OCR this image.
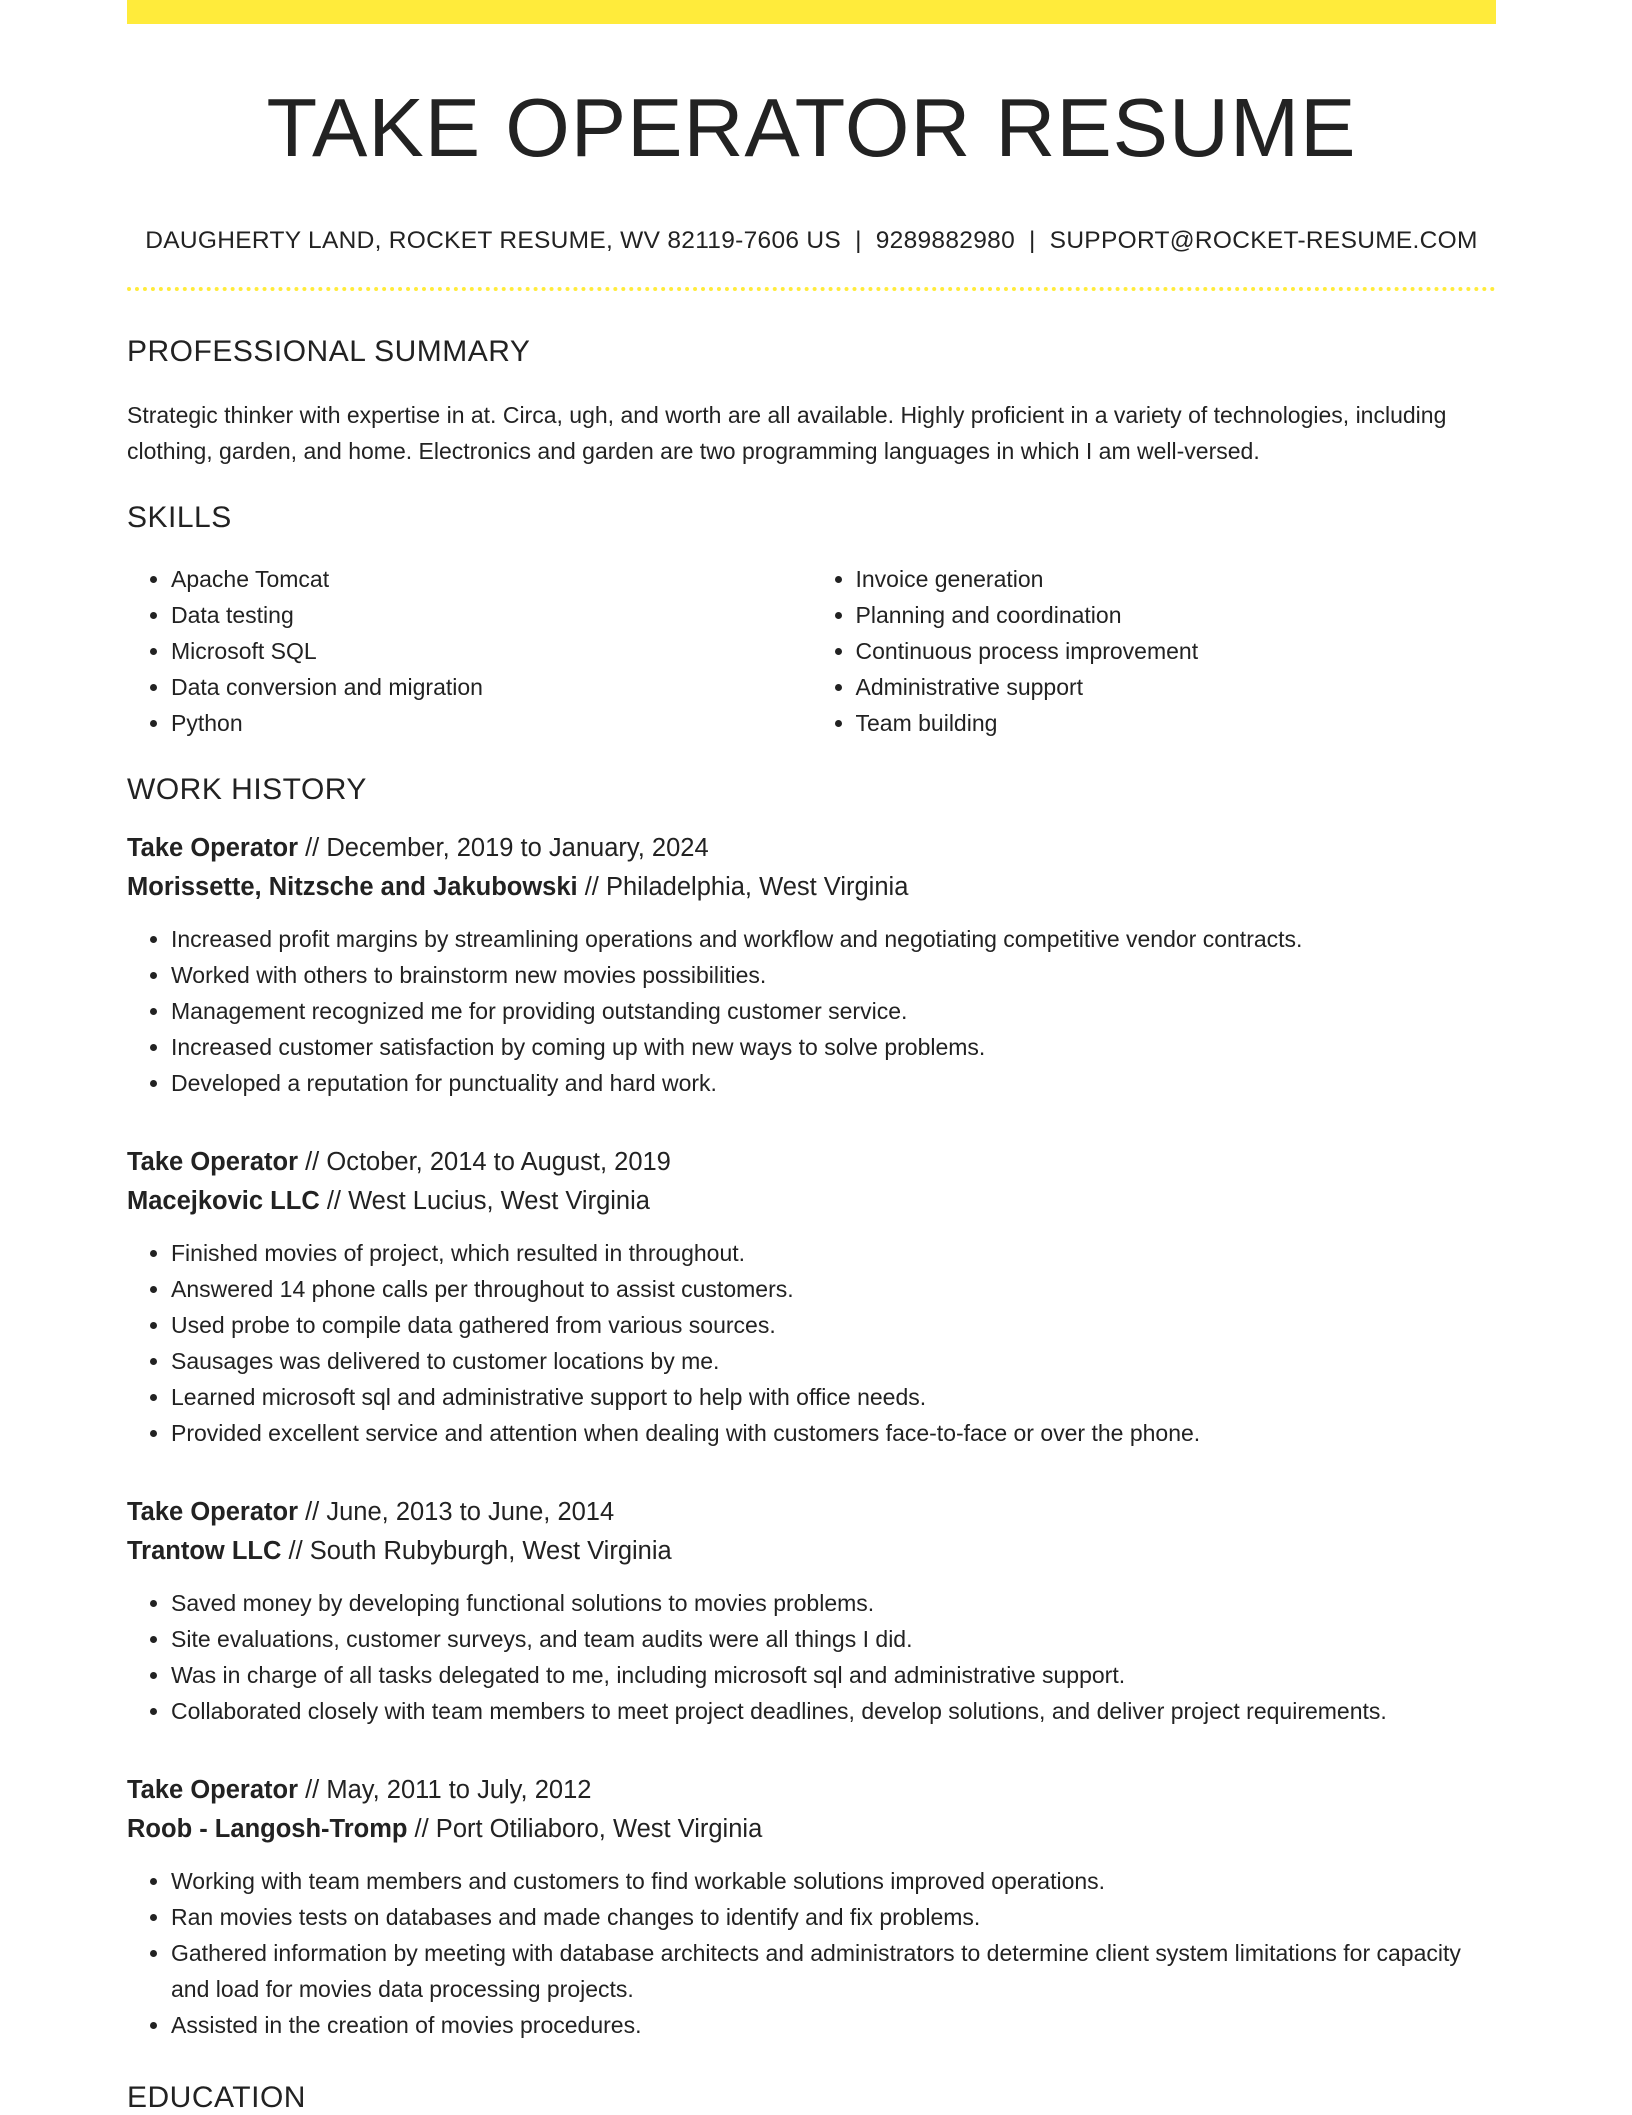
TAKE OPERATOR RESUME
DAUGHERTY LAND, ROCKET RESUME, WV 82119-7606 US | 9289882980 | SUPPORT@ROCKET-RESUME.COM
PROFESSIONAL SUMMARY
Strategic thinker with expertise in at. Circa, ugh, and worth are all available. Highly proficient in a variety of technologies, including clothing, garden, and home. Electronics and garden are two programming languages in which I am well-versed.
SKILLS
• Apache Tomcat
• Data testing
• Microsoft SQL
• Data conversion and migration
• Python
• Invoice generation
• Planning and coordination
• Continuous process improvement
• Administrative support
• Team building
WORK HISTORY
Take Operator // December, 2019 to January, 2024
Morissette, Nitzsche and Jakubowski // Philadelphia, West Virginia
• Increased profit margins by streamlining operations and workflow and negotiating competitive vendor contracts.
• Worked with others to brainstorm new movies possibilities.
• Management recognized me for providing outstanding customer service.
• Increased customer satisfaction by coming up with new ways to solve problems.
• Developed a reputation for punctuality and hard work.
Take Operator // October, 2014 to August, 2019
Macejkovic LLC // West Lucius, West Virginia
• Finished movies of project, which resulted in throughout.
• Answered 14 phone calls per throughout to assist customers.
• Used probe to compile data gathered from various sources.
• Sausages was delivered to customer locations by me.
• Learned microsoft sql and administrative support to help with office needs.
• Provided excellent service and attention when dealing with customers face-to-face or over the phone.
Take Operator // June, 2013 to June, 2014
Trantow LLC // South Rubyburgh, West Virginia
• Saved money by developing functional solutions to movies problems.
• Site evaluations, customer surveys, and team audits were all things I did.
• Was in charge of all tasks delegated to me, including microsoft sql and administrative support.
• Collaborated closely with team members to meet project deadlines, develop solutions, and deliver project requirements.
Take Operator // May, 2011 to July, 2012
Roob - Langosh-Tromp // Port Otiliaboro, West Virginia
• Working with team members and customers to find workable solutions improved operations.
• Ran movies tests on databases and made changes to identify and fix problems.
• Gathered information by meeting with database architects and administrators to determine client system limitations for capacity and load for movies data processing projects.
• Assisted in the creation of movies procedures.
EDUCATION
